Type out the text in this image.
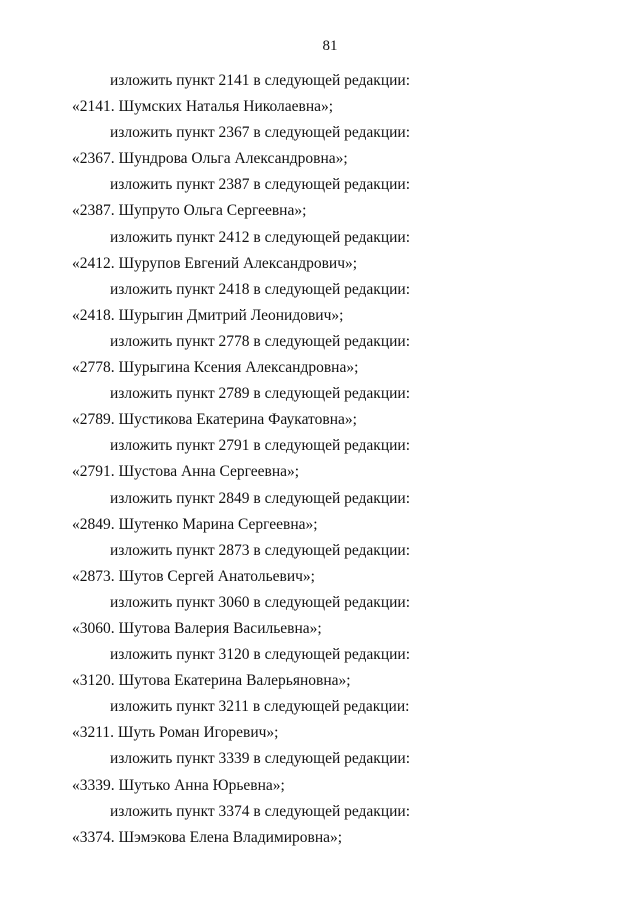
81
изложить пункт 2141 в следующей редакции:
«2141. Шумских Наталья Николаевна»;
изложить пункт 2367 в следующей редакции:
«2367. Шундрова Ольга Александровна»;
изложить пункт 2387 в следующей редакции:
«2387. Шупруто Ольга Сергеевна»;
изложить пункт 2412 в следующей редакции:
«2412. Шурупов Евгений Александрович»;
изложить пункт 2418 в следующей редакции:
«2418. Шурыгин Дмитрий Леонидович»;
изложить пункт 2778 в следующей редакции:
«2778. Шурыгина Ксения Александровна»;
изложить пункт 2789 в следующей редакции:
«2789. Шустикова Екатерина Фаукатовна»;
изложить пункт 2791 в следующей редакции:
«2791. Шустова Анна Сергеевна»;
изложить пункт 2849 в следующей редакции:
«2849. Шутенко Марина Сергеевна»;
изложить пункт 2873 в следующей редакции:
«2873. Шутов Сергей Анатольевич»;
изложить пункт 3060 в следующей редакции:
«3060. Шутова Валерия Васильевна»;
изложить пункт 3120 в следующей редакции:
«3120. Шутова Екатерина Валерьяновна»;
изложить пункт 3211 в следующей редакции:
«3211. Шуть Роман Игоревич»;
изложить пункт 3339 в следующей редакции:
«3339. Шутько Анна Юрьевна»;
изложить пункт 3374 в следующей редакции:
«3374. Шэмэкова Елена Владимировна»;
